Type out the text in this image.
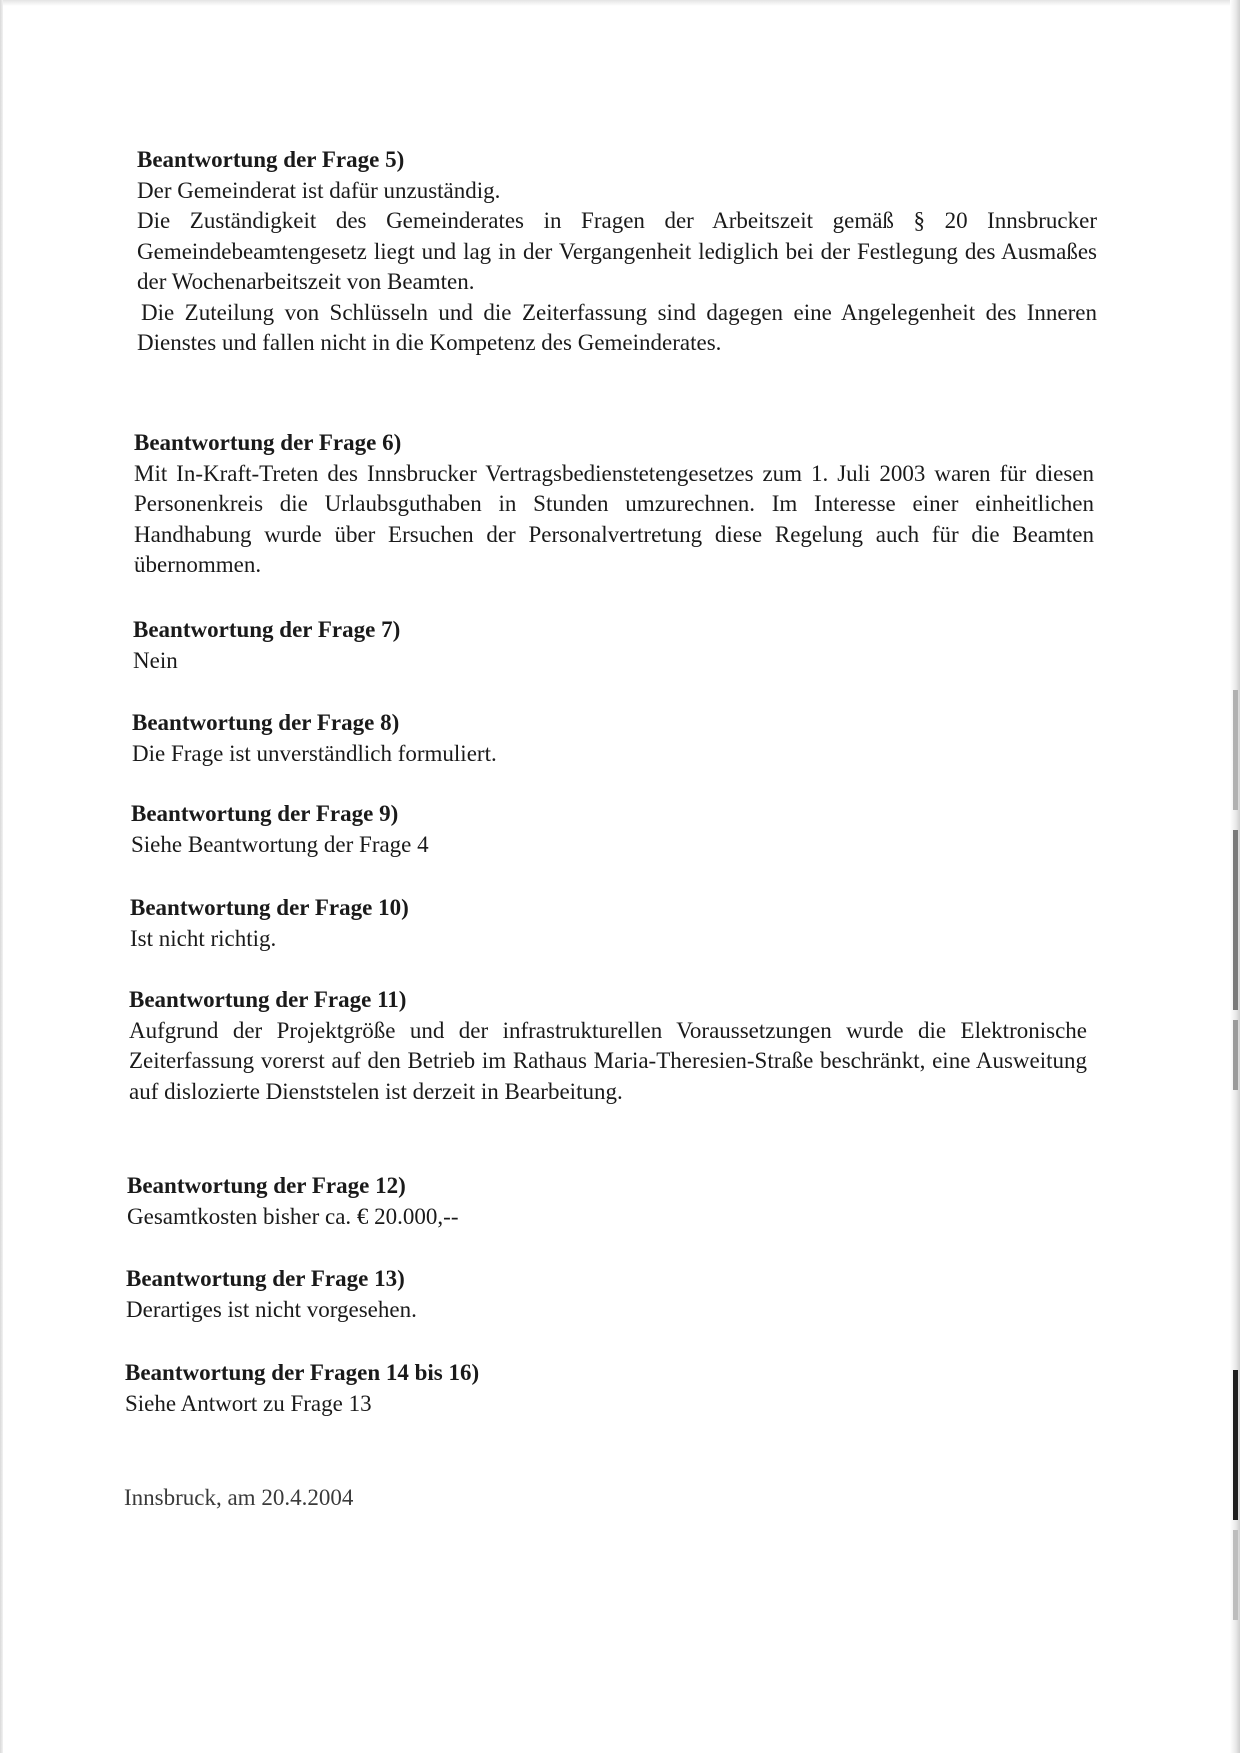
Beantwortung der Frage 5)
Der Gemeinderat ist dafür unzuständig.
Die Zuständigkeit des Gemeinderates in Fragen der Arbeitszeit gemäß § 20 Innsbrucker Gemeindebeamtengesetz liegt und lag in der Vergangenheit lediglich bei der Festlegung des Ausmaßes der Wochenarbeitszeit von Beamten.
Die Zuteilung von Schlüsseln und die Zeiterfassung sind dagegen eine Angelegenheit des Inneren Dienstes und fallen nicht in die Kompetenz des Gemeinderates.
Beantwortung der Frage 6)
Mit In-Kraft-Treten des Innsbrucker Vertragsbedienstetengesetzes zum 1. Juli 2003 waren für diesen Personenkreis die Urlaubsguthaben in Stunden umzurechnen. Im Interesse einer einheitlichen Handhabung wurde über Ersuchen der Personalvertretung diese Regelung auch für die Beamten übernommen.
Beantwortung der Frage 7)
Nein
Beantwortung der Frage 8)
Die Frage ist unverständlich formuliert.
Beantwortung der Frage 9)
Siehe Beantwortung der Frage 4
Beantwortung der Frage 10)
Ist nicht richtig.
Beantwortung der Frage 11)
Aufgrund der Projektgröße und der infrastrukturellen Voraussetzungen wurde die Elektronische Zeiterfassung vorerst auf den Betrieb im Rathaus Maria-Theresien-Straße beschränkt, eine Ausweitung auf dislozierte Dienststelen ist derzeit in Bearbeitung.
Beantwortung der Frage 12)
Gesamtkosten bisher ca. € 20.000,--
Beantwortung der Frage 13)
Derartiges ist nicht vorgesehen.
Beantwortung der Fragen 14 bis 16)
Siehe Antwort zu Frage 13
Innsbruck, am 20.4.2004
